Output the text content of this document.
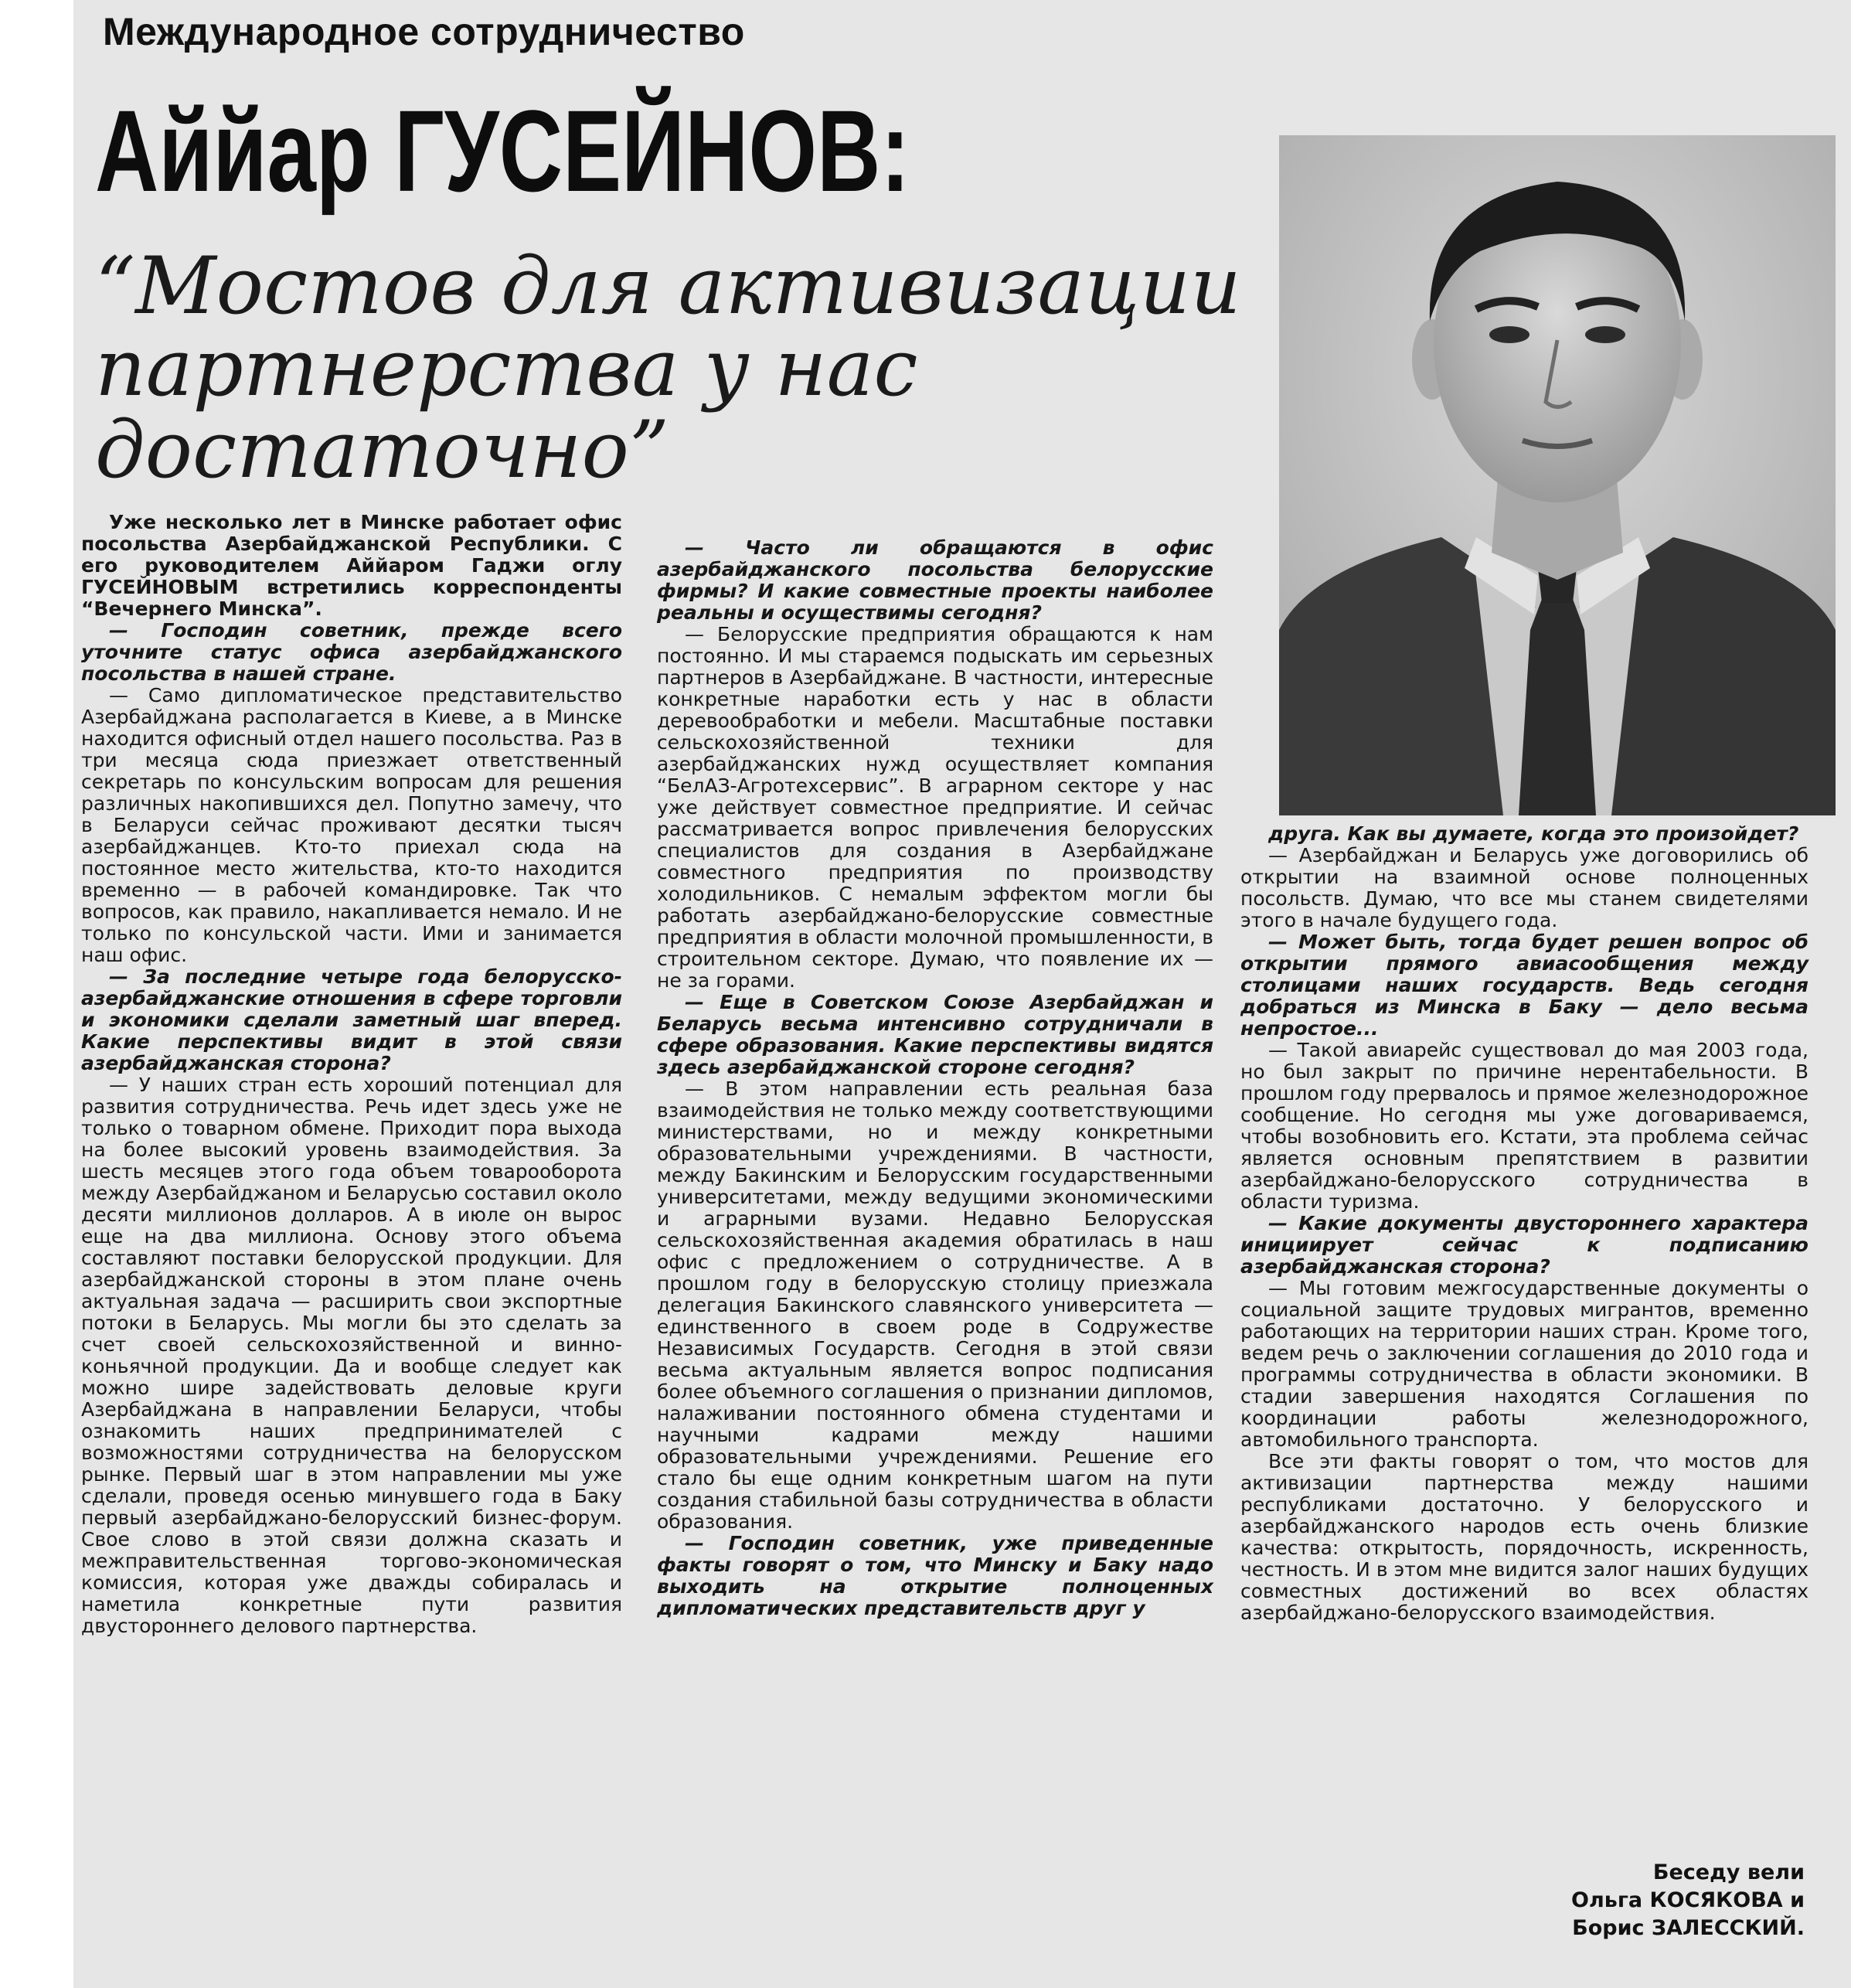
Международное сотрудничество
Аййар ГУСЕЙНОВ:
“Мостов для активизации партнерства у нас достаточно”

Уже несколько лет в Минске работает офис посольства Азербайджанской Республики. С его руководителем Аййаром Гаджи оглу ГУСЕЙНОВЫМ встретились корреспонденты “Вечернего Минска”.

— Господин советник, прежде всего уточните статус офиса азербайджанского посольства в нашей стране.

— Само дипломатическое представительство Азербайджана располагается в Киеве, а в Минске находится офисный отдел нашего посольства. Раз в три месяца сюда приезжает ответственный секретарь по консульским вопросам для решения различных накопившихся дел. Попутно замечу, что в Беларуси сейчас проживают десятки тысяч азербайджанцев. Кто-то приехал сюда на постоянное место жительства, кто-то находится временно — в рабочей командировке. Так что вопросов, как правило, накапливается немало. И не только по консульской части. Ими и занимается наш офис.

— За последние четыре года белорусско-азербайджанские отношения в сфере торговли и экономики сделали заметный шаг вперед. Какие перспективы видит в этой связи азербайджанская сторона?

— У наших стран есть хороший потенциал для развития сотрудничества. Речь идет здесь уже не только о товарном обмене. Приходит пора выхода на более высокий уровень взаимодействия. За шесть месяцев этого года объем товарооборота между Азербайджаном и Беларусью составил около десяти миллионов долларов. А в июле он вырос еще на два миллиона. Основу этого объема составляют поставки белорусской продукции. Для азербайджанской стороны в этом плане очень актуальная задача — расширить свои экспортные потоки в Беларусь. Мы могли бы это сделать за счет своей сельскохозяйственной и винно-коньячной продукции. Да и вообще следует как можно шире задействовать деловые круги Азербайджана в направлении Беларуси, чтобы ознакомить наших предпринимателей с возможностями сотрудничества на белорусском рынке. Первый шаг в этом направлении мы уже сделали, проведя осенью минувшего года в Баку первый азербайджано-белорусский бизнес-форум. Свое слово в этой связи должна сказать и межправительственная торгово-экономическая комиссия, которая уже дважды собиралась и наметила конкретные пути развития двустороннего делового партнерства.

— Часто ли обращаются в офис азербайджанского посольства белорусские фирмы? И какие совместные проекты наиболее реальны и осуществимы сегодня?

— Белорусские предприятия обращаются к нам постоянно. И мы стараемся подыскать им серьезных партнеров в Азербайджане. В частности, интересные конкретные наработки есть у нас в области деревообработки и мебели. Масштабные поставки сельскохозяйственной техники для азербайджанских нужд осуществляет компания “БелАЗ-Агротехсервис”. В аграрном секторе у нас уже действует совместное предприятие. И сейчас рассматривается вопрос привлечения белорусских специалистов для создания в Азербайджане совместного предприятия по производству холодильников. С немалым эффектом могли бы работать азербайджано-белорусские совместные предприятия в области молочной промышленности, в строительном секторе. Думаю, что появление их — не за горами.

— Еще в Советском Союзе Азербайджан и Беларусь весьма интенсивно сотрудничали в сфере образования. Какие перспективы видятся здесь азербайджанской стороне сегодня?

— В этом направлении есть реальная база взаимодействия не только между соответствующими министерствами, но и между конкретными образовательными учреждениями. В частности, между Бакинским и Белорусским государственными университетами, между ведущими экономическими и аграрными вузами. Недавно Белорусская сельскохозяйственная академия обратилась в наш офис с предложением о сотрудничестве. А в прошлом году в белорусскую столицу приезжала делегация Бакинского славянского университета — единственного в своем роде в Содружестве Независимых Государств. Сегодня в этой связи весьма актуальным является вопрос подписания более объемного соглашения о признании дипломов, налаживании постоянного обмена студентами и научными кадрами между нашими образовательными учреждениями. Решение его стало бы еще одним конкретным шагом на пути создания стабильной базы сотрудничества в области образования.

— Господин советник, уже приведенные факты говорят о том, что Минску и Баку надо выходить на открытие полноценных дипломатических представительств друг у

друга. Как вы думаете, когда это произойдет?

— Азербайджан и Беларусь уже договорились об открытии на взаимной основе полноценных посольств. Думаю, что все мы станем свидетелями этого в начале будущего года.

— Может быть, тогда будет решен вопрос об открытии прямого авиасообщения между столицами наших государств. Ведь сегодня добраться из Минска в Баку — дело весьма непростое...

— Такой авиарейс существовал до мая 2003 года, но был закрыт по причине нерентабельности. В прошлом году прервалось и прямое железнодорожное сообщение. Но сегодня мы уже договариваемся, чтобы возобновить его. Кстати, эта проблема сейчас является основным препятствием в развитии азербайджано-белорусского сотрудничества в области туризма.

— Какие документы двустороннего характера инициирует сейчас к подписанию азербайджанская сторона?

— Мы готовим межгосударственные документы о социальной защите трудовых мигрантов, временно работающих на территории наших стран. Кроме того, ведем речь о заключении соглашения до 2010 года и программы сотрудничества в области экономики. В стадии завершения находятся Соглашения по координации работы железнодорожного, автомобильного транспорта.

Все эти факты говорят о том, что мостов для активизации партнерства между нашими республиками достаточно. У белорусского и азербайджанского народов есть очень близкие качества: открытость, порядочность, искренность, честность. И в этом мне видится залог наших будущих совместных достижений во всех областях азербайджано-белорусского взаимодействия.

Беседу вели
Ольга КОСЯКОВА и
Борис ЗАЛЕССКИЙ.
